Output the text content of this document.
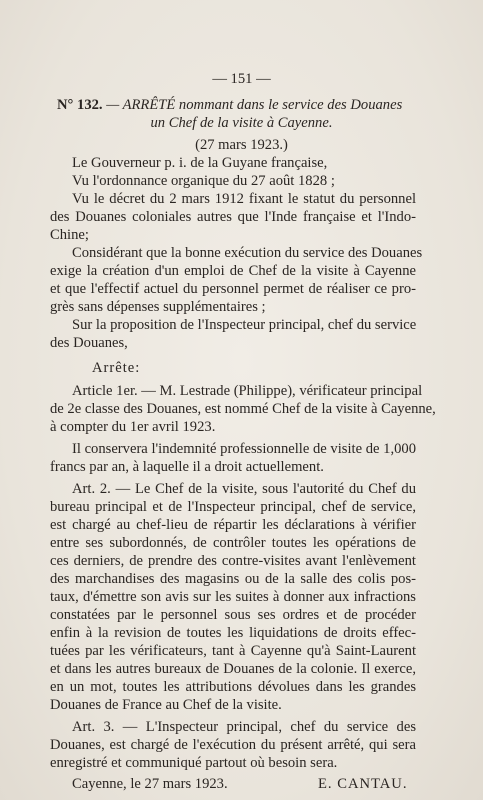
— 151 —

N° 132. — ARRÊTÉ nommant dans le service des Douanes

un Chef de la visite à Cayenne.

(27 mars 1923.)

Le Gouverneur p. i. de la Guyane française,

Vu l'ordonnance organique du 27 août 1828 ;

Vu le décret du 2 mars 1912 fixant le statut du personnel

des Douanes coloniales autres que l'Inde française et l'Indo-

Chine;

Considérant que la bonne exécution du service des Douanes

exige la création d'un emploi de Chef de la visite à Cayenne

et que l'effectif actuel du personnel permet de réaliser ce pro-

grès sans dépenses supplémentaires ;

Sur la proposition de l'Inspecteur principal, chef du service

des Douanes,

Arrête:

Article 1er. — M. Lestrade (Philippe), vérificateur principal

de 2e classe des Douanes, est nommé Chef de la visite à Cayenne,

à compter du 1er avril 1923.

Il conservera l'indemnité professionnelle de visite de 1,000

francs par an, à laquelle il a droit actuellement.

Art. 2. — Le Chef de la visite, sous l'autorité du Chef du

bureau principal et de l'Inspecteur principal, chef de service,

est chargé au chef-lieu de répartir les déclarations à vérifier

entre ses subordonnés, de contrôler toutes les opérations de

ces derniers, de prendre des contre-visites avant l'enlèvement

des marchandises des magasins ou de la salle des colis pos-

taux, d'émettre son avis sur les suites à donner aux infractions

constatées par le personnel sous ses ordres et de procéder

enfin à la revision de toutes les liquidations de droits effec-

tuées par les vérificateurs, tant à Cayenne qu'à Saint-Laurent

et dans les autres bureaux de Douanes de la colonie. Il exerce,

en un mot, toutes les attributions dévolues dans les grandes

Douanes de France au Chef de la visite.

Art. 3. — L'Inspecteur principal, chef du service des

Douanes, est chargé de l'exécution du présent arrêté, qui sera

enregistré et communiqué partout où besoin sera.

Cayenne, le 27 mars 1923.	E. CANTAU.
